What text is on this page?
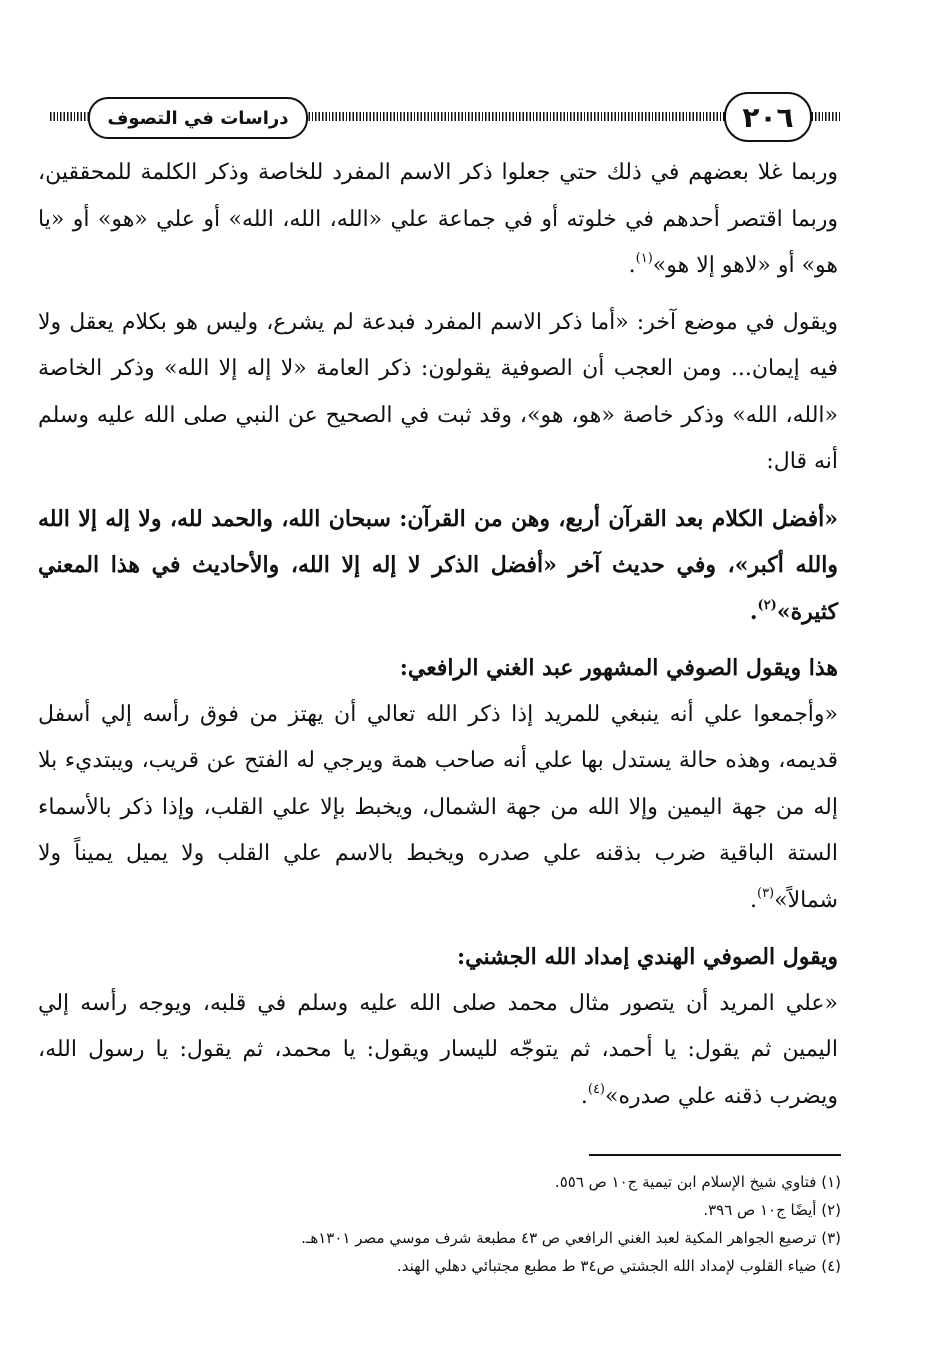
٢٠٦
دراسات في التصوف

وربما غلا بعضهم في ذلك حتي جعلوا ذكر الاسم المفرد للخاصة وذكر الكلمة للمحققين، وربما اقتصر أحدهم في خلوته أو في جماعة علي «الله، الله، الله» أو علي «هو» أو «يا هو» أو «لاهو إلا هو»$^{(١)}$.

ويقول في موضع آخر: «أما ذكر الاسم المفرد فبدعة لم يشرع، وليس هو بكلام يعقل ولا فيه إيمان... ومن العجب أن الصوفية يقولون: ذكر العامة «لا إله إلا الله» وذكر الخاصة «الله، الله» وذكر خاصة «هو، هو»، وقد ثبت في الصحيح عن النبي صلى الله عليه وسلم أنه قال:

«أفضل الكلام بعد القرآن أربع، وهن من القرآن: سبحان الله، والحمد لله، ولا إله إلا الله والله أكبر»، وفي حديث آخر «أفضل الذكر لا إله إلا الله، والأحاديث في هذا المعني كثيرة»$^{(٢)}$.

هذا ويقول الصوفي المشهور عبد الغني الرافعي:

«وأجمعوا علي أنه ينبغي للمريد إذا ذكر الله تعالي أن يهتز من فوق رأسه إلي أسفل قديمه، وهذه حالة يستدل بها علي أنه صاحب همة ويرجي له الفتح عن قريب، ويبتديء بلا إله من جهة اليمين وإلا الله من جهة الشمال، ويخبط بإلا علي القلب، وإذا ذكر بالأسماء الستة الباقية ضرب بذقنه علي صدره ويخبط بالاسم علي القلب ولا يميل يميناً ولا شمالاً»$^{(٣)}$.

ويقول الصوفي الهندي إمداد الله الجشني:

«علي المريد أن يتصور مثال محمد صلى الله عليه وسلم في قلبه، ويوجه رأسه إلي اليمين ثم يقول: يا أحمد، ثم يتوجّه لليسار ويقول: يا محمد، ثم يقول: يا رسول الله، ويضرب ذقنه علي صدره»$^{(٤)}$.

(١) فتاوي شيخ الإسلام ابن تيمية ج١٠ ص ٥٥٦.

(٢) أيضًا ج١٠ ص ٣٩٦.

(٣) ترصيع الجواهر المكية لعبد الغني الرافعي ص ٤٣ مطبعة شرف موسي مصر ١٣٠١هـ.

(٤) ضياء القلوب لإمداد الله الجشتي ص٣٤ ط مطبع مجتبائي دهلي الهند.
